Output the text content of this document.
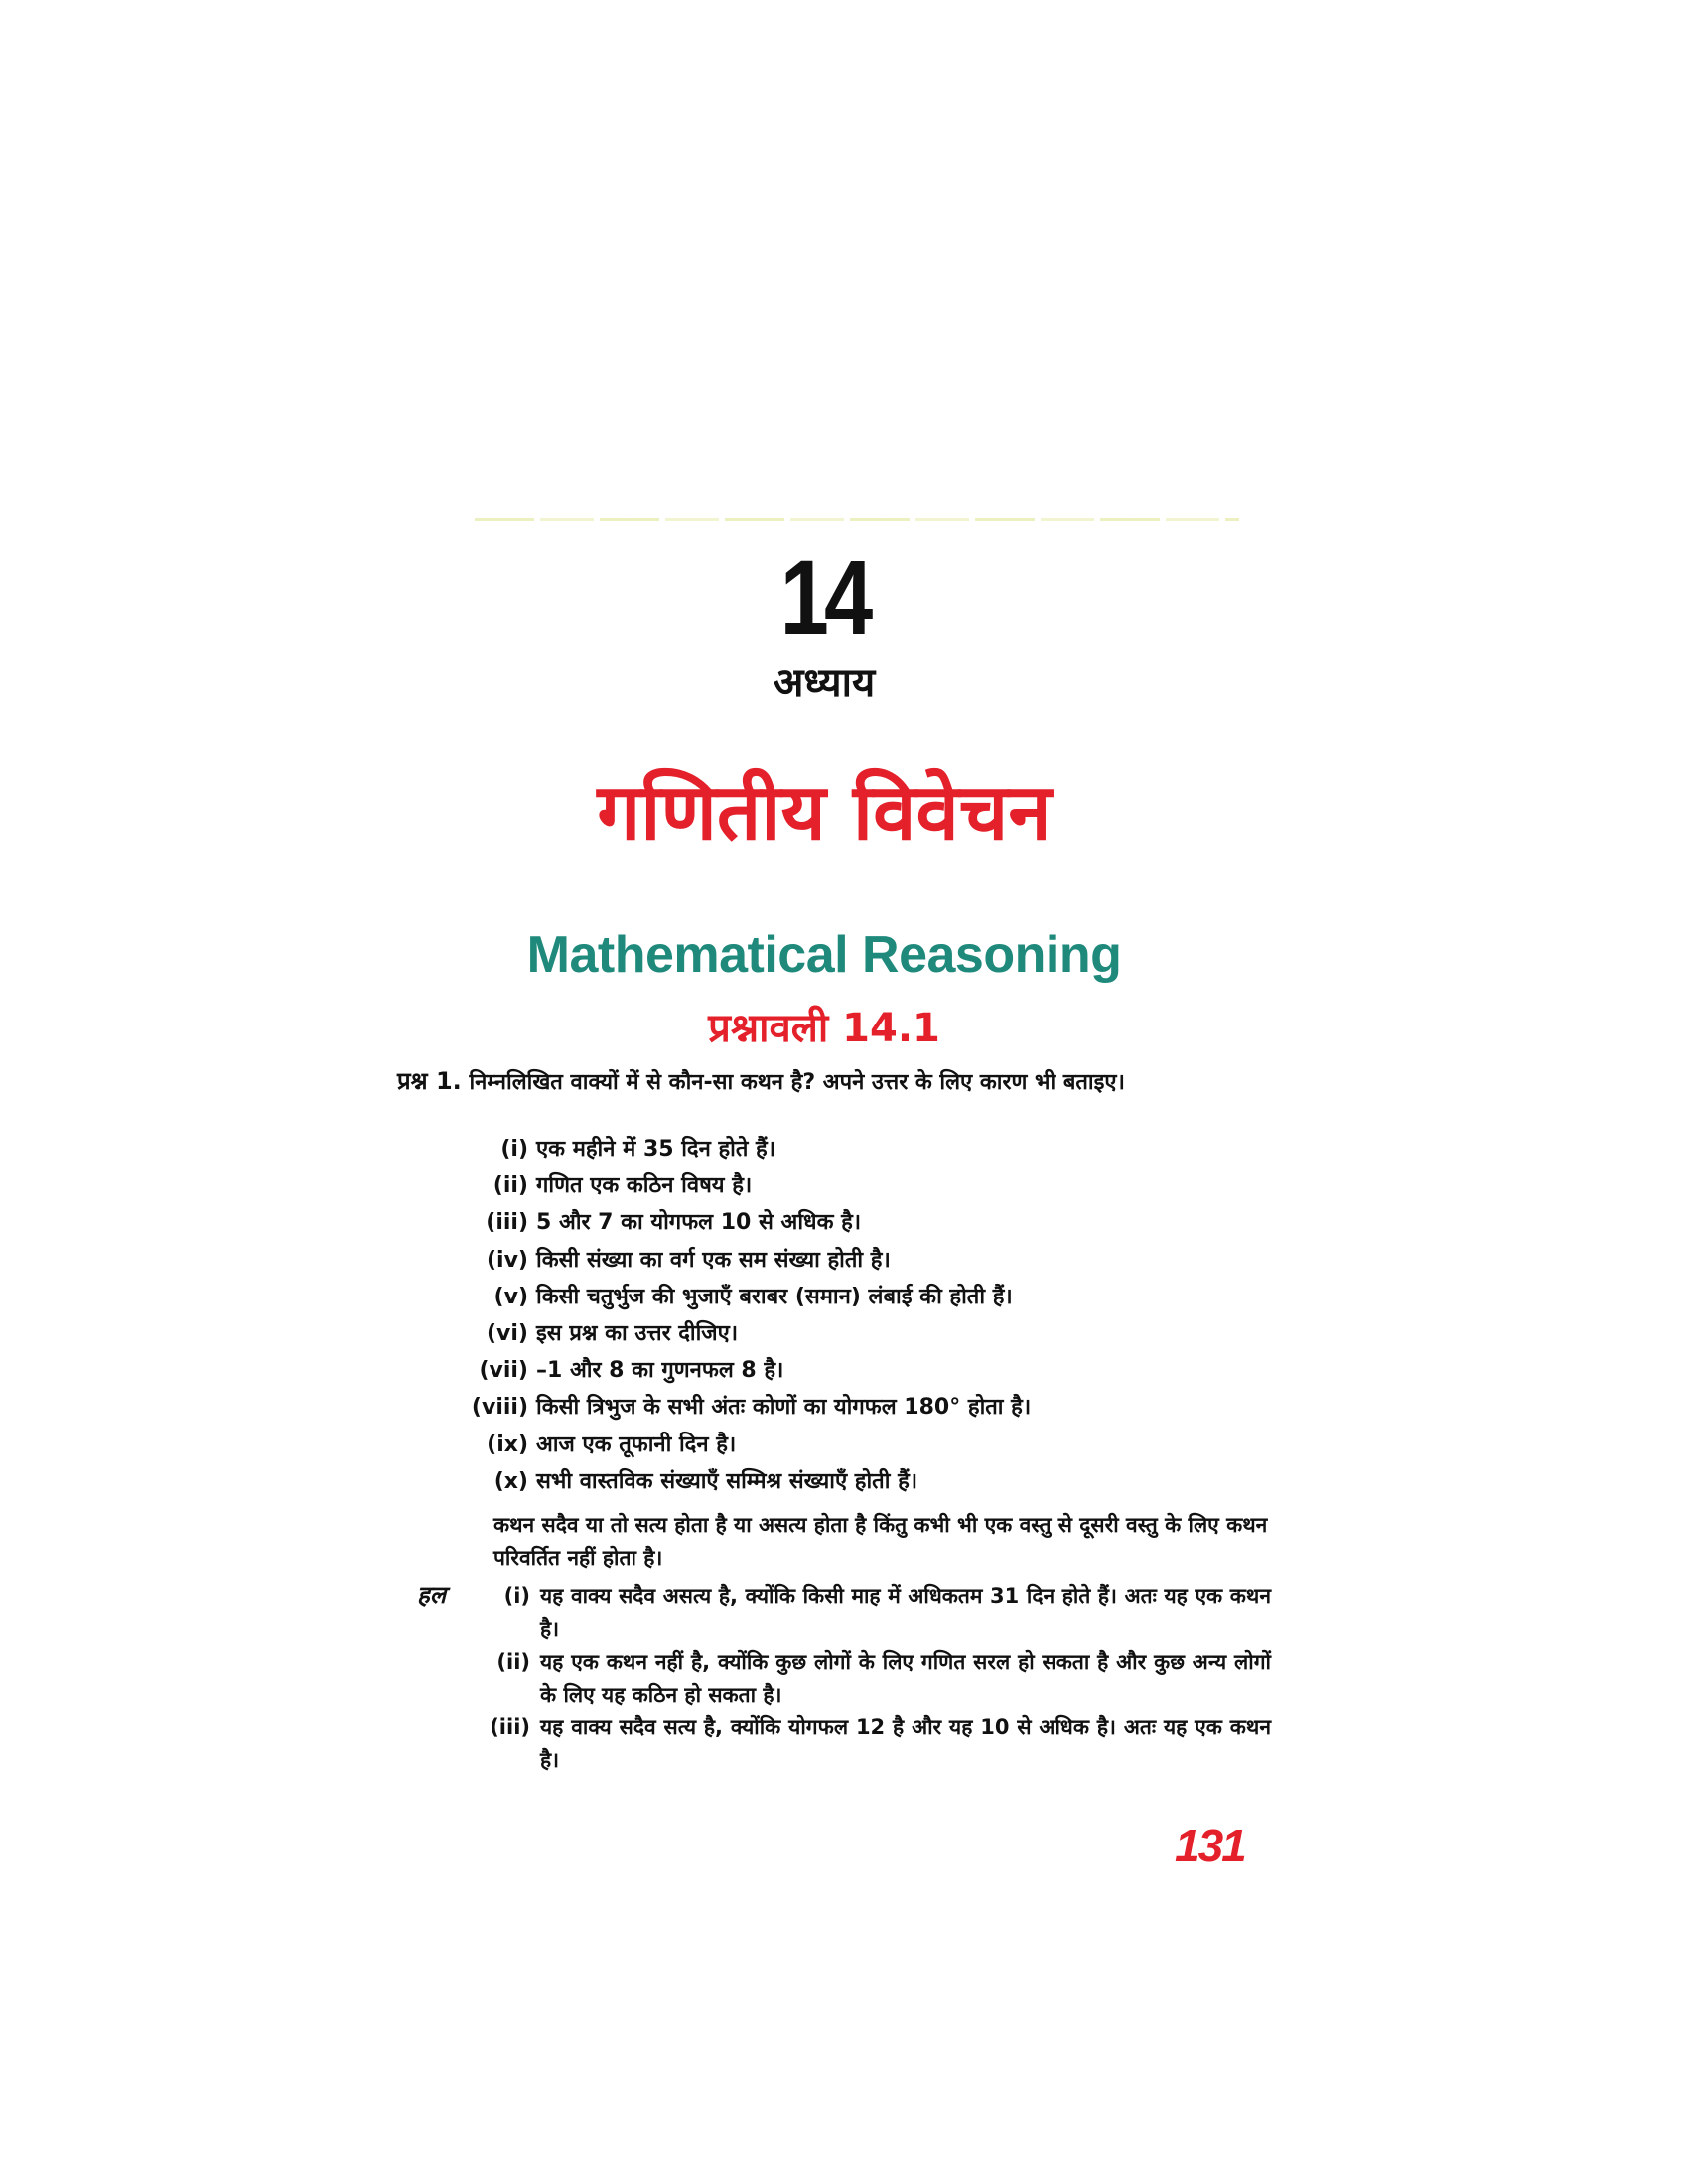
14
अध्याय
गणितीय विवेचन
Mathematical Reasoning
प्रश्नावली 14.1
प्रश्न 1. निम्नलिखित वाक्यों में से कौन-सा कथन है? अपने उत्तर के लिए कारण भी बताइए।
(i) एक महीने में 35 दिन होते हैं।
(ii) गणित एक कठिन विषय है।
(iii) 5 और 7 का योगफल 10 से अधिक है।
(iv) किसी संख्या का वर्ग एक सम संख्या होती है।
(v) किसी चतुर्भुज की भुजाएँ बराबर (समान) लंबाई की होती हैं।
(vi) इस प्रश्न का उत्तर दीजिए।
(vii) –1 और 8 का गुणनफल 8 है।
(viii) किसी त्रिभुज के सभी अंतः कोणों का योगफल 180° होता है।
(ix) आज एक तूफानी दिन है।
(x) सभी वास्तविक संख्याएँ सम्मिश्र संख्याएँ होती हैं।
कथन सदैव या तो सत्य होता है या असत्य होता है किंतु कभी भी एक वस्तु से दूसरी वस्तु के लिए कथन परिवर्तित नहीं होता है।
हल	(i) यह वाक्य सदैव असत्य है, क्योंकि किसी माह में अधिकतम 31 दिन होते हैं। अतः यह एक कथन है।
(ii) यह एक कथन नहीं है, क्योंकि कुछ लोगों के लिए गणित सरल हो सकता है और कुछ अन्य लोगों के लिए यह कठिन हो सकता है।
(iii) यह वाक्य सदैव सत्य है, क्योंकि योगफल 12 है और यह 10 से अधिक है। अतः यह एक कथन है।
131
